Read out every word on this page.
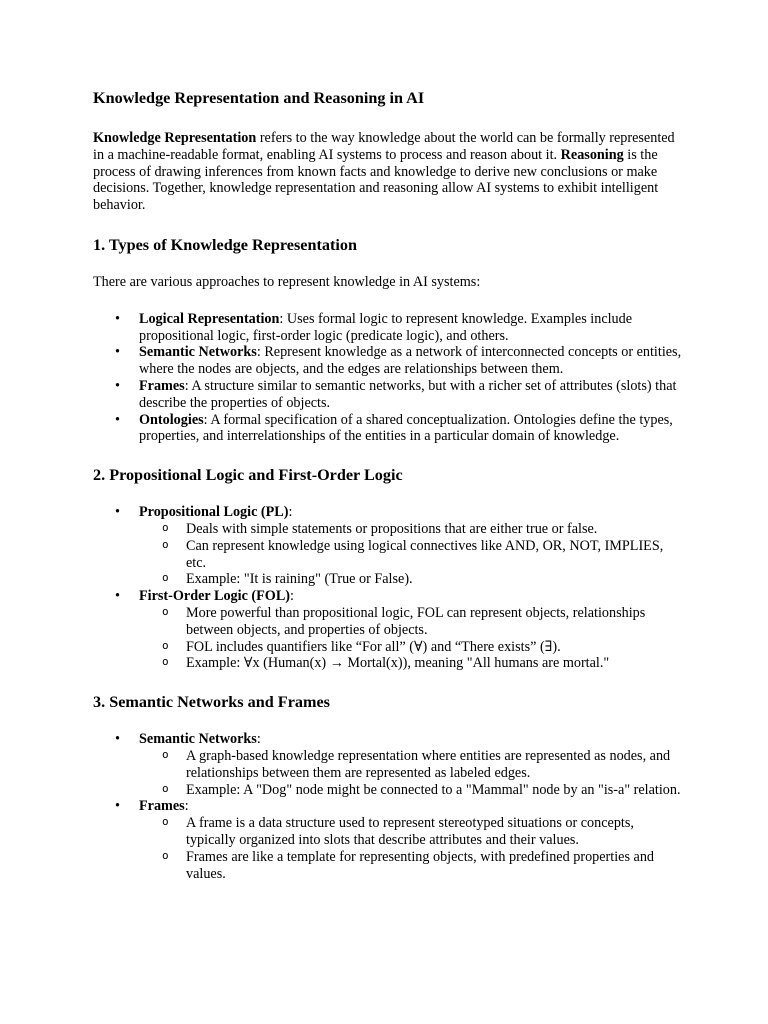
Knowledge Representation and Reasoning in AI

Knowledge Representation refers to the way knowledge about the world can be formally represented in a machine-readable format, enabling AI systems to process and reason about it. Reasoning is the process of drawing inferences from known facts and knowledge to derive new conclusions or make decisions. Together, knowledge representation and reasoning allow AI systems to exhibit intelligent behavior.

1. Types of Knowledge Representation

There are various approaches to represent knowledge in AI systems:

• Logical Representation: Uses formal logic to represent knowledge. Examples include propositional logic, first-order logic (predicate logic), and others.
• Semantic Networks: Represent knowledge as a network of interconnected concepts or entities, where the nodes are objects, and the edges are relationships between them.
• Frames: A structure similar to semantic networks, but with a richer set of attributes (slots) that describe the properties of objects.
• Ontologies: A formal specification of a shared conceptualization. Ontologies define the types, properties, and interrelationships of the entities in a particular domain of knowledge.
2. Propositional Logic and First-Order Logic
• Propositional Logic (PL):
o Deals with simple statements or propositions that are either true or false.
o Can represent knowledge using logical connectives like AND, OR, NOT, IMPLIES, etc.
o Example: "It is raining" (True or False).
• First-Order Logic (FOL):
o More powerful than propositional logic, FOL can represent objects, relationships between objects, and properties of objects.
o FOL includes quantifiers like “For all” (∀) and “There exists” (∃).
o Example: ∀x (Human(x) → Mortal(x)), meaning "All humans are mortal."
3. Semantic Networks and Frames
• Semantic Networks:
o A graph-based knowledge representation where entities are represented as nodes, and relationships between them are represented as labeled edges.
o Example: A "Dog" node might be connected to a "Mammal" node by an "is-a" relation.
• Frames:
o A frame is a data structure used to represent stereotyped situations or concepts, typically organized into slots that describe attributes and their values.
o Frames are like a template for representing objects, with predefined properties and values.
